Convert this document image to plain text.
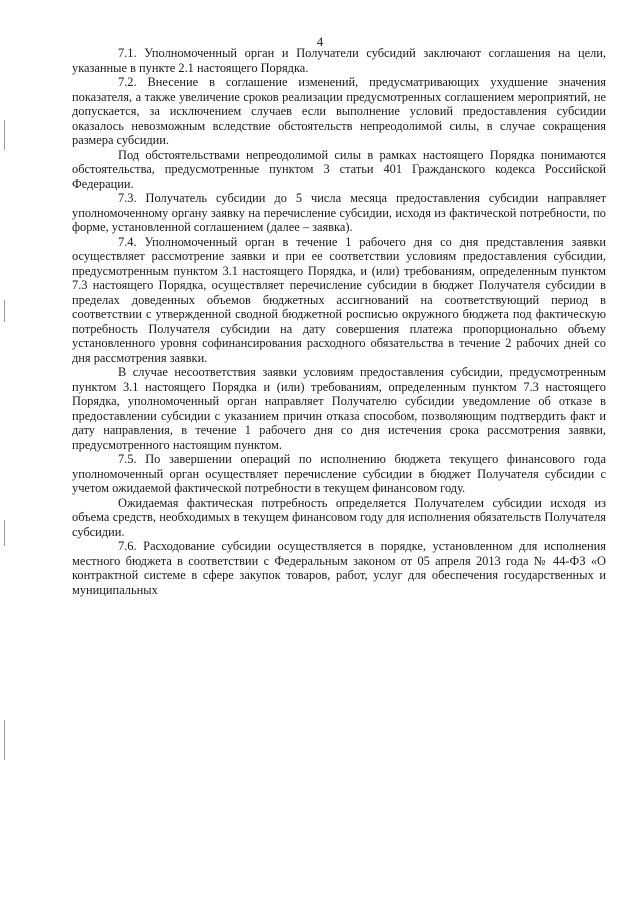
4

7.1. Уполномоченный орган и Получатели субсидий заключают соглашения на цели, указанные в пункте 2.1 настоящего Порядка.

7.2. Внесение в соглашение изменений, предусматривающих ухудшение значения показателя, а также увеличение сроков реализации предусмотренных соглашением мероприятий, не допускается, за исключением случаев если выполнение условий предоставления субсидии оказалось невозможным вследствие обстоятельств непреодолимой силы, в случае сокращения размера субсидии.

Под обстоятельствами непреодолимой силы в рамках настоящего Порядка понимаются обстоятельства, предусмотренные пунктом 3 статьи 401 Гражданского кодекса Российской Федерации.

7.3. Получатель субсидии до 5 числа месяца предоставления субсидии направляет уполномоченному органу заявку на перечисление субсидии, исходя из фактической потребности, по форме, установленной соглашением (далее – заявка).

7.4. Уполномоченный орган в течение 1 рабочего дня со дня представления заявки осуществляет рассмотрение заявки и при ее соответствии условиям предоставления субсидии, предусмотренным пунктом 3.1 настоящего Порядка, и (или) требованиям, определенным пунктом 7.3 настоящего Порядка, осуществляет перечисление субсидии в бюджет Получателя субсидии в пределах доведенных объемов бюджетных ассигнований на соответствующий период в соответствии с утвержденной сводной бюджетной росписью окружного бюджета под фактическую потребность Получателя субсидии на дату совершения платежа пропорционально объему установленного уровня софинансирования расходного обязательства в течение 2 рабочих дней со дня рассмотрения заявки.

В случае несоответствия заявки условиям предоставления субсидии, предусмотренным пунктом 3.1 настоящего Порядка и (или) требованиям, определенным пунктом 7.3 настоящего Порядка, уполномоченный орган направляет Получателю субсидии уведомление об отказе в предоставлении субсидии с указанием причин отказа способом, позволяющим подтвердить факт и дату направления, в течение 1 рабочего дня со дня истечения срока рассмотрения заявки, предусмотренного настоящим пунктом.

7.5. По завершении операций по исполнению бюджета текущего финансового года уполномоченный орган осуществляет перечисление субсидии в бюджет Получателя субсидии с учетом ожидаемой фактической потребности в текущем финансовом году.

Ожидаемая фактическая потребность определяется Получателем субсидии исходя из объема средств, необходимых в текущем финансовом году для исполнения обязательств Получателя субсидии.

7.6. Расходование субсидии осуществляется в порядке, установленном для исполнения местного бюджета в соответствии с Федеральным законом от 05 апреля 2013 года № 44-ФЗ «О контрактной системе в сфере закупок товаров, работ, услуг для обеспечения государственных и муниципальных
